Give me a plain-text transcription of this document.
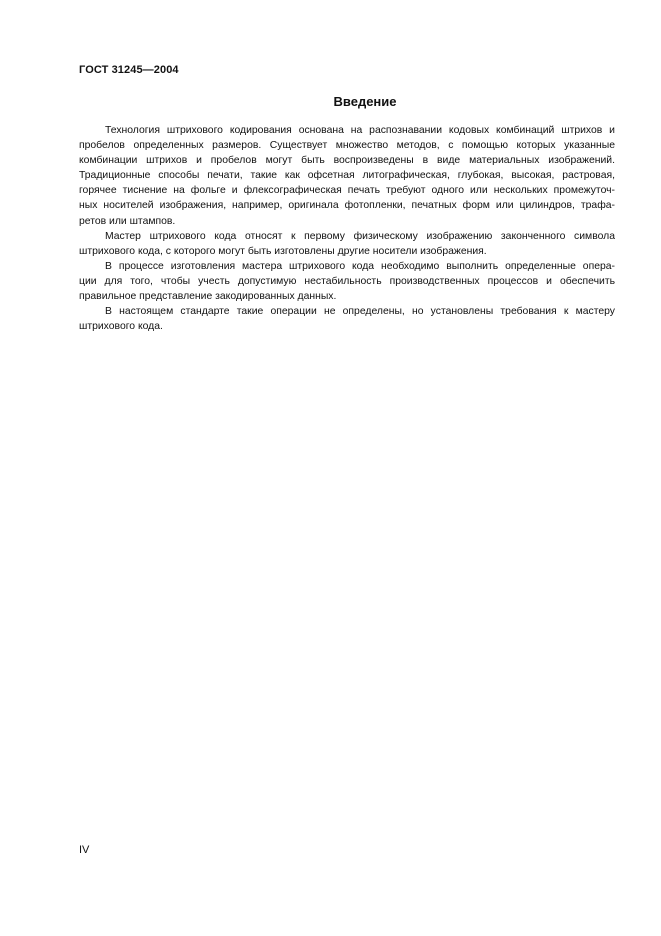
ГОСТ 31245—2004
Введение
Технология штрихового кодирования основана на распознавании кодовых комбинаций штрихов и
пробелов определенных размеров. Существует множество методов, с помощью которых указанные
комбинации штрихов и пробелов могут быть воспроизведены в виде материальных изображений.
Традиционные способы печати, такие как офсетная литографическая, глубокая, высокая, растровая,
горячее тиснение на фольге и флексографическая печать требуют одного или нескольких промежуточ-
ных носителей изображения, например, оригинала фотопленки, печатных форм или цилиндров, трафа-
ретов или штампов.
Мастер штрихового кода относят к первому физическому изображению законченного символа
штрихового кода, с которого могут быть изготовлены другие носители изображения.
В процессе изготовления мастера штрихового кода необходимо выполнить определенные опера-
ции для того, чтобы учесть допустимую нестабильность производственных процессов и обеспечить
правильное представление закодированных данных.
В настоящем стандарте такие операции не определены, но установлены требования к мастеру
штрихового кода.
IV
